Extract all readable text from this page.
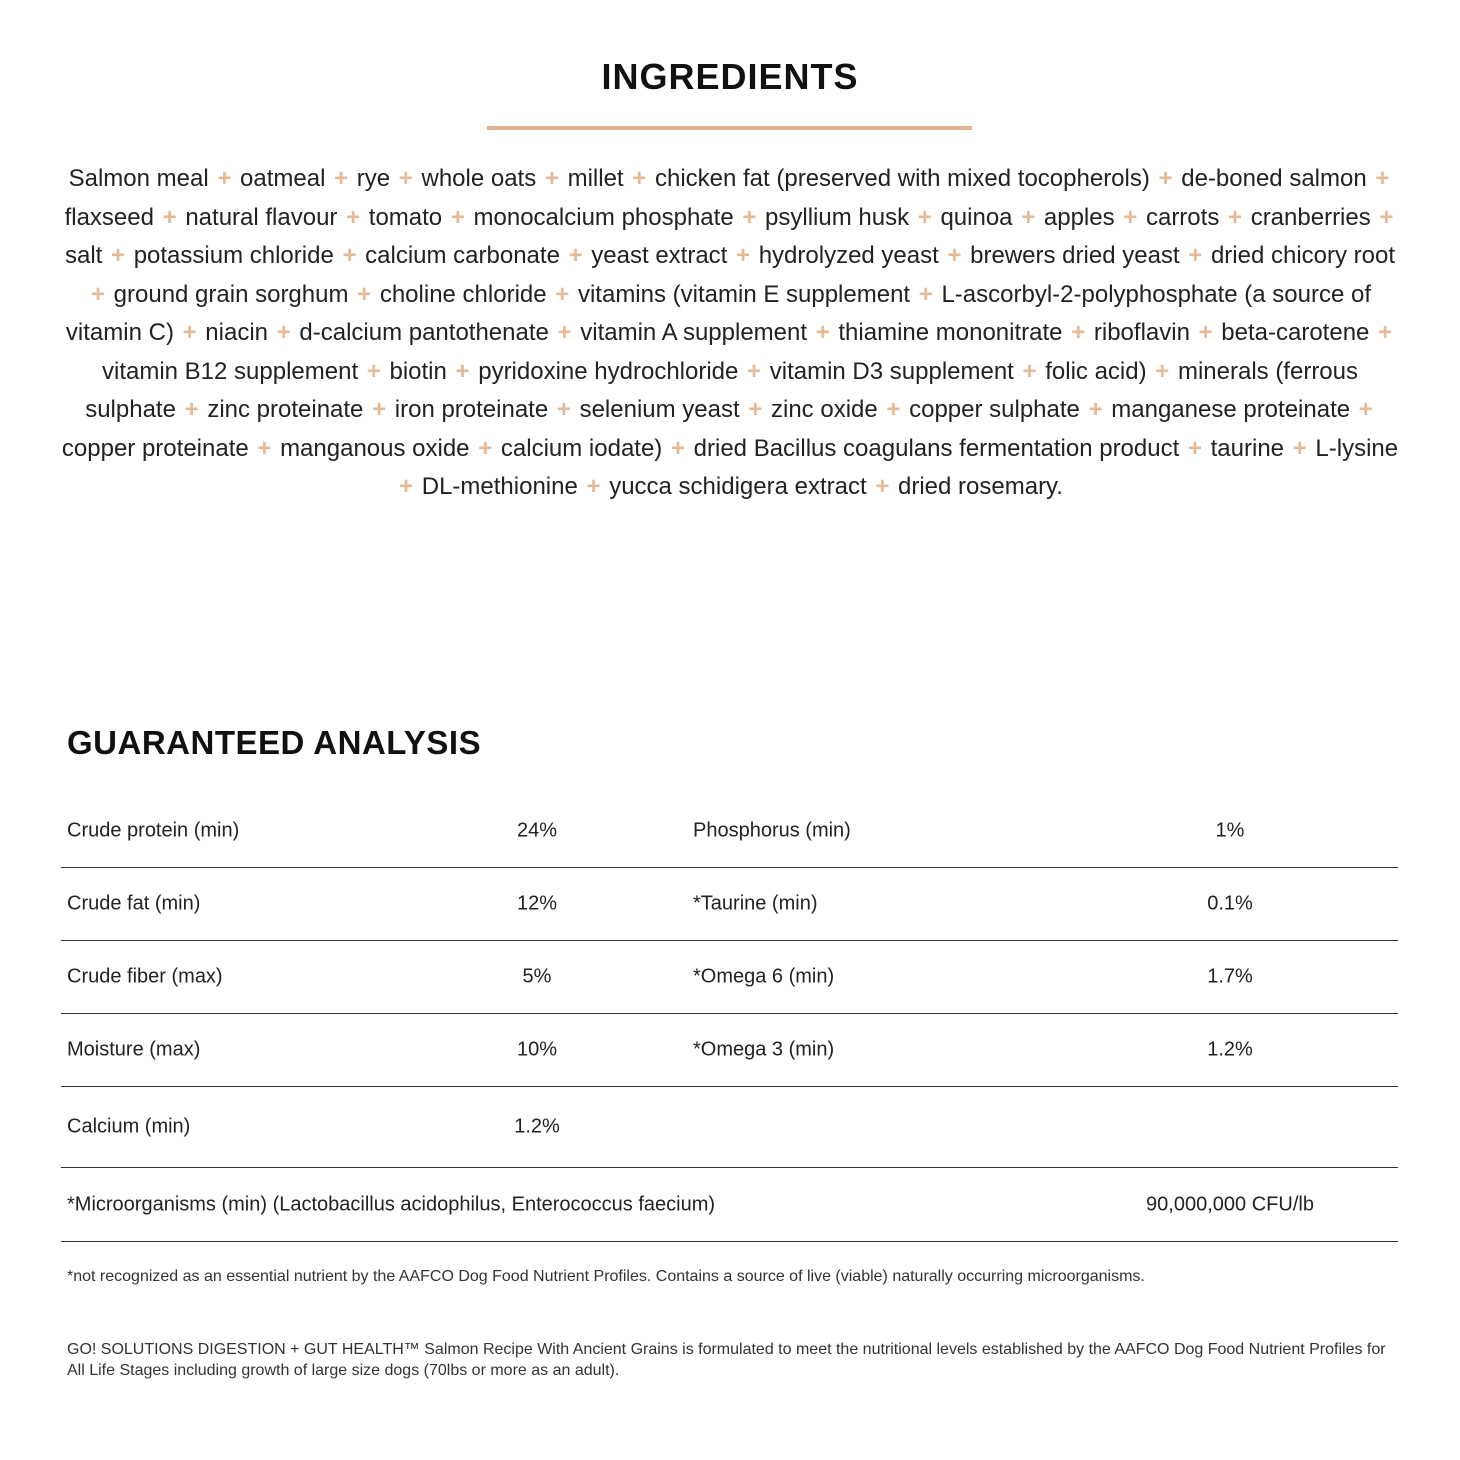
INGREDIENTS

Salmon meal + oatmeal + rye + whole oats + millet + chicken fat (preserved with mixed tocopherols) + de-boned salmon + flaxseed + natural flavour + tomato + monocalcium phosphate + psyllium husk + quinoa + apples + carrots + cranberries + salt + potassium chloride + calcium carbonate + yeast extract + hydrolyzed yeast + brewers dried yeast + dried chicory root + ground grain sorghum + choline chloride + vitamins (vitamin E supplement + L-ascorbyl-2-polyphosphate (a source of vitamin C) + niacin + d-calcium pantothenate + vitamin A supplement + thiamine mononitrate + riboflavin + beta-carotene + vitamin B12 supplement + biotin + pyridoxine hydrochloride + vitamin D3 supplement + folic acid) + minerals (ferrous sulphate + zinc proteinate + iron proteinate + selenium yeast + zinc oxide + copper sulphate + manganese proteinate + copper proteinate + manganous oxide + calcium iodate) + dried Bacillus coagulans fermentation product + taurine + L-lysine + DL-methionine + yucca schidigera extract + dried rosemary.

GUARANTEED ANALYSIS
Crude protein (min)	24%	Phosphorus (min)	1%
Crude fat (min)	12%	*Taurine (min)	0.1%
Crude fiber (max)	5%	*Omega 6 (min)	1.7%
Moisture (max)	10%	*Omega 3 (min)	1.2%
Calcium (min)	1.2%
*Microorganisms (min) (Lactobacillus acidophilus, Enterococcus faecium)	90,000,000 CFU/lb

*not recognized as an essential nutrient by the AAFCO Dog Food Nutrient Profiles. Contains a source of live (viable) naturally occurring microorganisms.

GO! SOLUTIONS DIGESTION + GUT HEALTH™ Salmon Recipe With Ancient Grains is formulated to meet the nutritional levels established by the AAFCO Dog Food Nutrient Profiles for All Life Stages including growth of large size dogs (70lbs or more as an adult).
